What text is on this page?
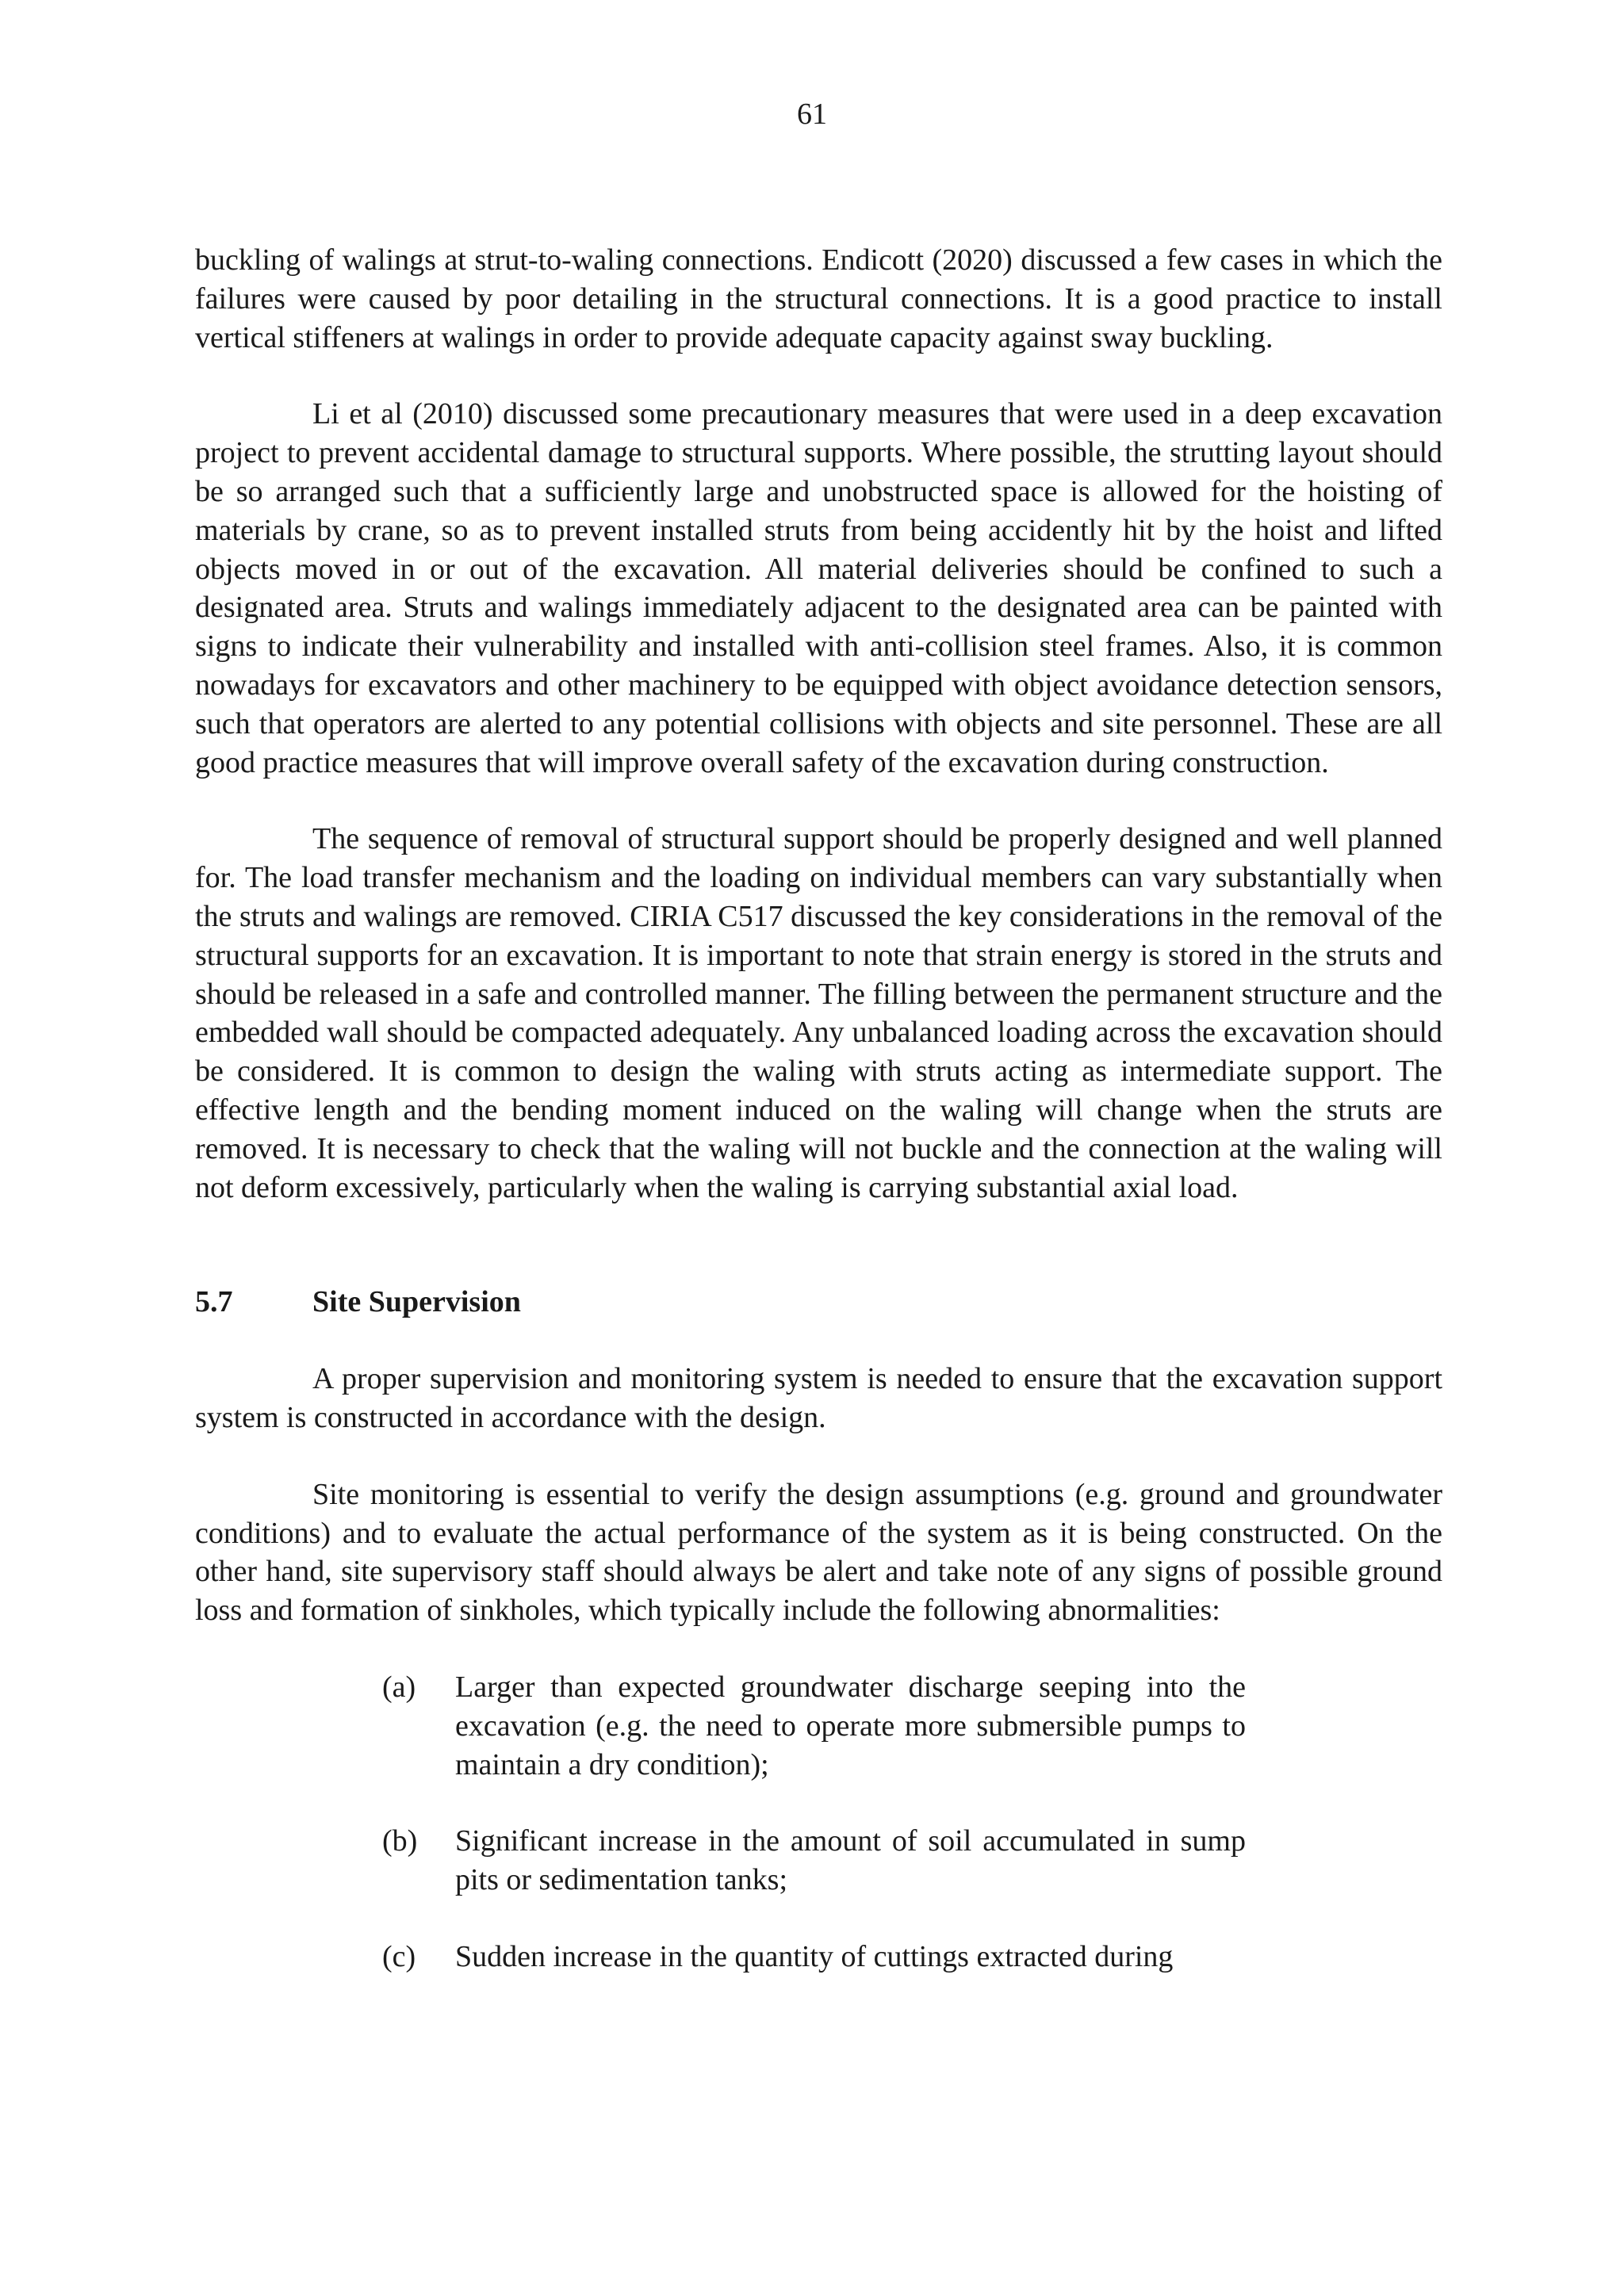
61

buckling of walings at strut-to-waling connections. Endicott (2020) discussed a few cases in which the failures were caused by poor detailing in the structural connections. It is a good practice to install vertical stiffeners at walings in order to provide adequate capacity against sway buckling.

Li et al (2010) discussed some precautionary measures that were used in a deep excavation project to prevent accidental damage to structural supports. Where possible, the strutting layout should be so arranged such that a sufficiently large and unobstructed space is allowed for the hoisting of materials by crane, so as to prevent installed struts from being accidently hit by the hoist and lifted objects moved in or out of the excavation. All material deliveries should be confined to such a designated area. Struts and walings immediately adjacent to the designated area can be painted with signs to indicate their vulnerability and installed with anti-collision steel frames. Also, it is common nowadays for excavators and other machinery to be equipped with object avoidance detection sensors, such that operators are alerted to any potential collisions with objects and site personnel. These are all good practice measures that will improve overall safety of the excavation during construction.

The sequence of removal of structural support should be properly designed and well planned for. The load transfer mechanism and the loading on individual members can vary substantially when the struts and walings are removed. CIRIA C517 discussed the key considerations in the removal of the structural supports for an excavation. It is important to note that strain energy is stored in the struts and should be released in a safe and controlled manner. The filling between the permanent structure and the embedded wall should be compacted adequately. Any unbalanced loading across the excavation should be considered. It is common to design the waling with struts acting as intermediate support. The effective length and the bending moment induced on the waling will change when the struts are removed. It is necessary to check that the waling will not buckle and the connection at the waling will not deform excessively, particularly when the waling is carrying substantial axial load.

5.7	Site Supervision

A proper supervision and monitoring system is needed to ensure that the excavation support system is constructed in accordance with the design.

Site monitoring is essential to verify the design assumptions (e.g. ground and groundwater conditions) and to evaluate the actual performance of the system as it is being constructed. On the other hand, site supervisory staff should always be alert and take note of any signs of possible ground loss and formation of sinkholes, which typically include the following abnormalities:

(a)	Larger than expected groundwater discharge seeping into the excavation (e.g. the need to operate more submersible pumps to maintain a dry condition);
(b)	Significant increase in the amount of soil accumulated in sump pits or sedimentation tanks;
(c)	Sudden increase in the quantity of cuttings extracted during
